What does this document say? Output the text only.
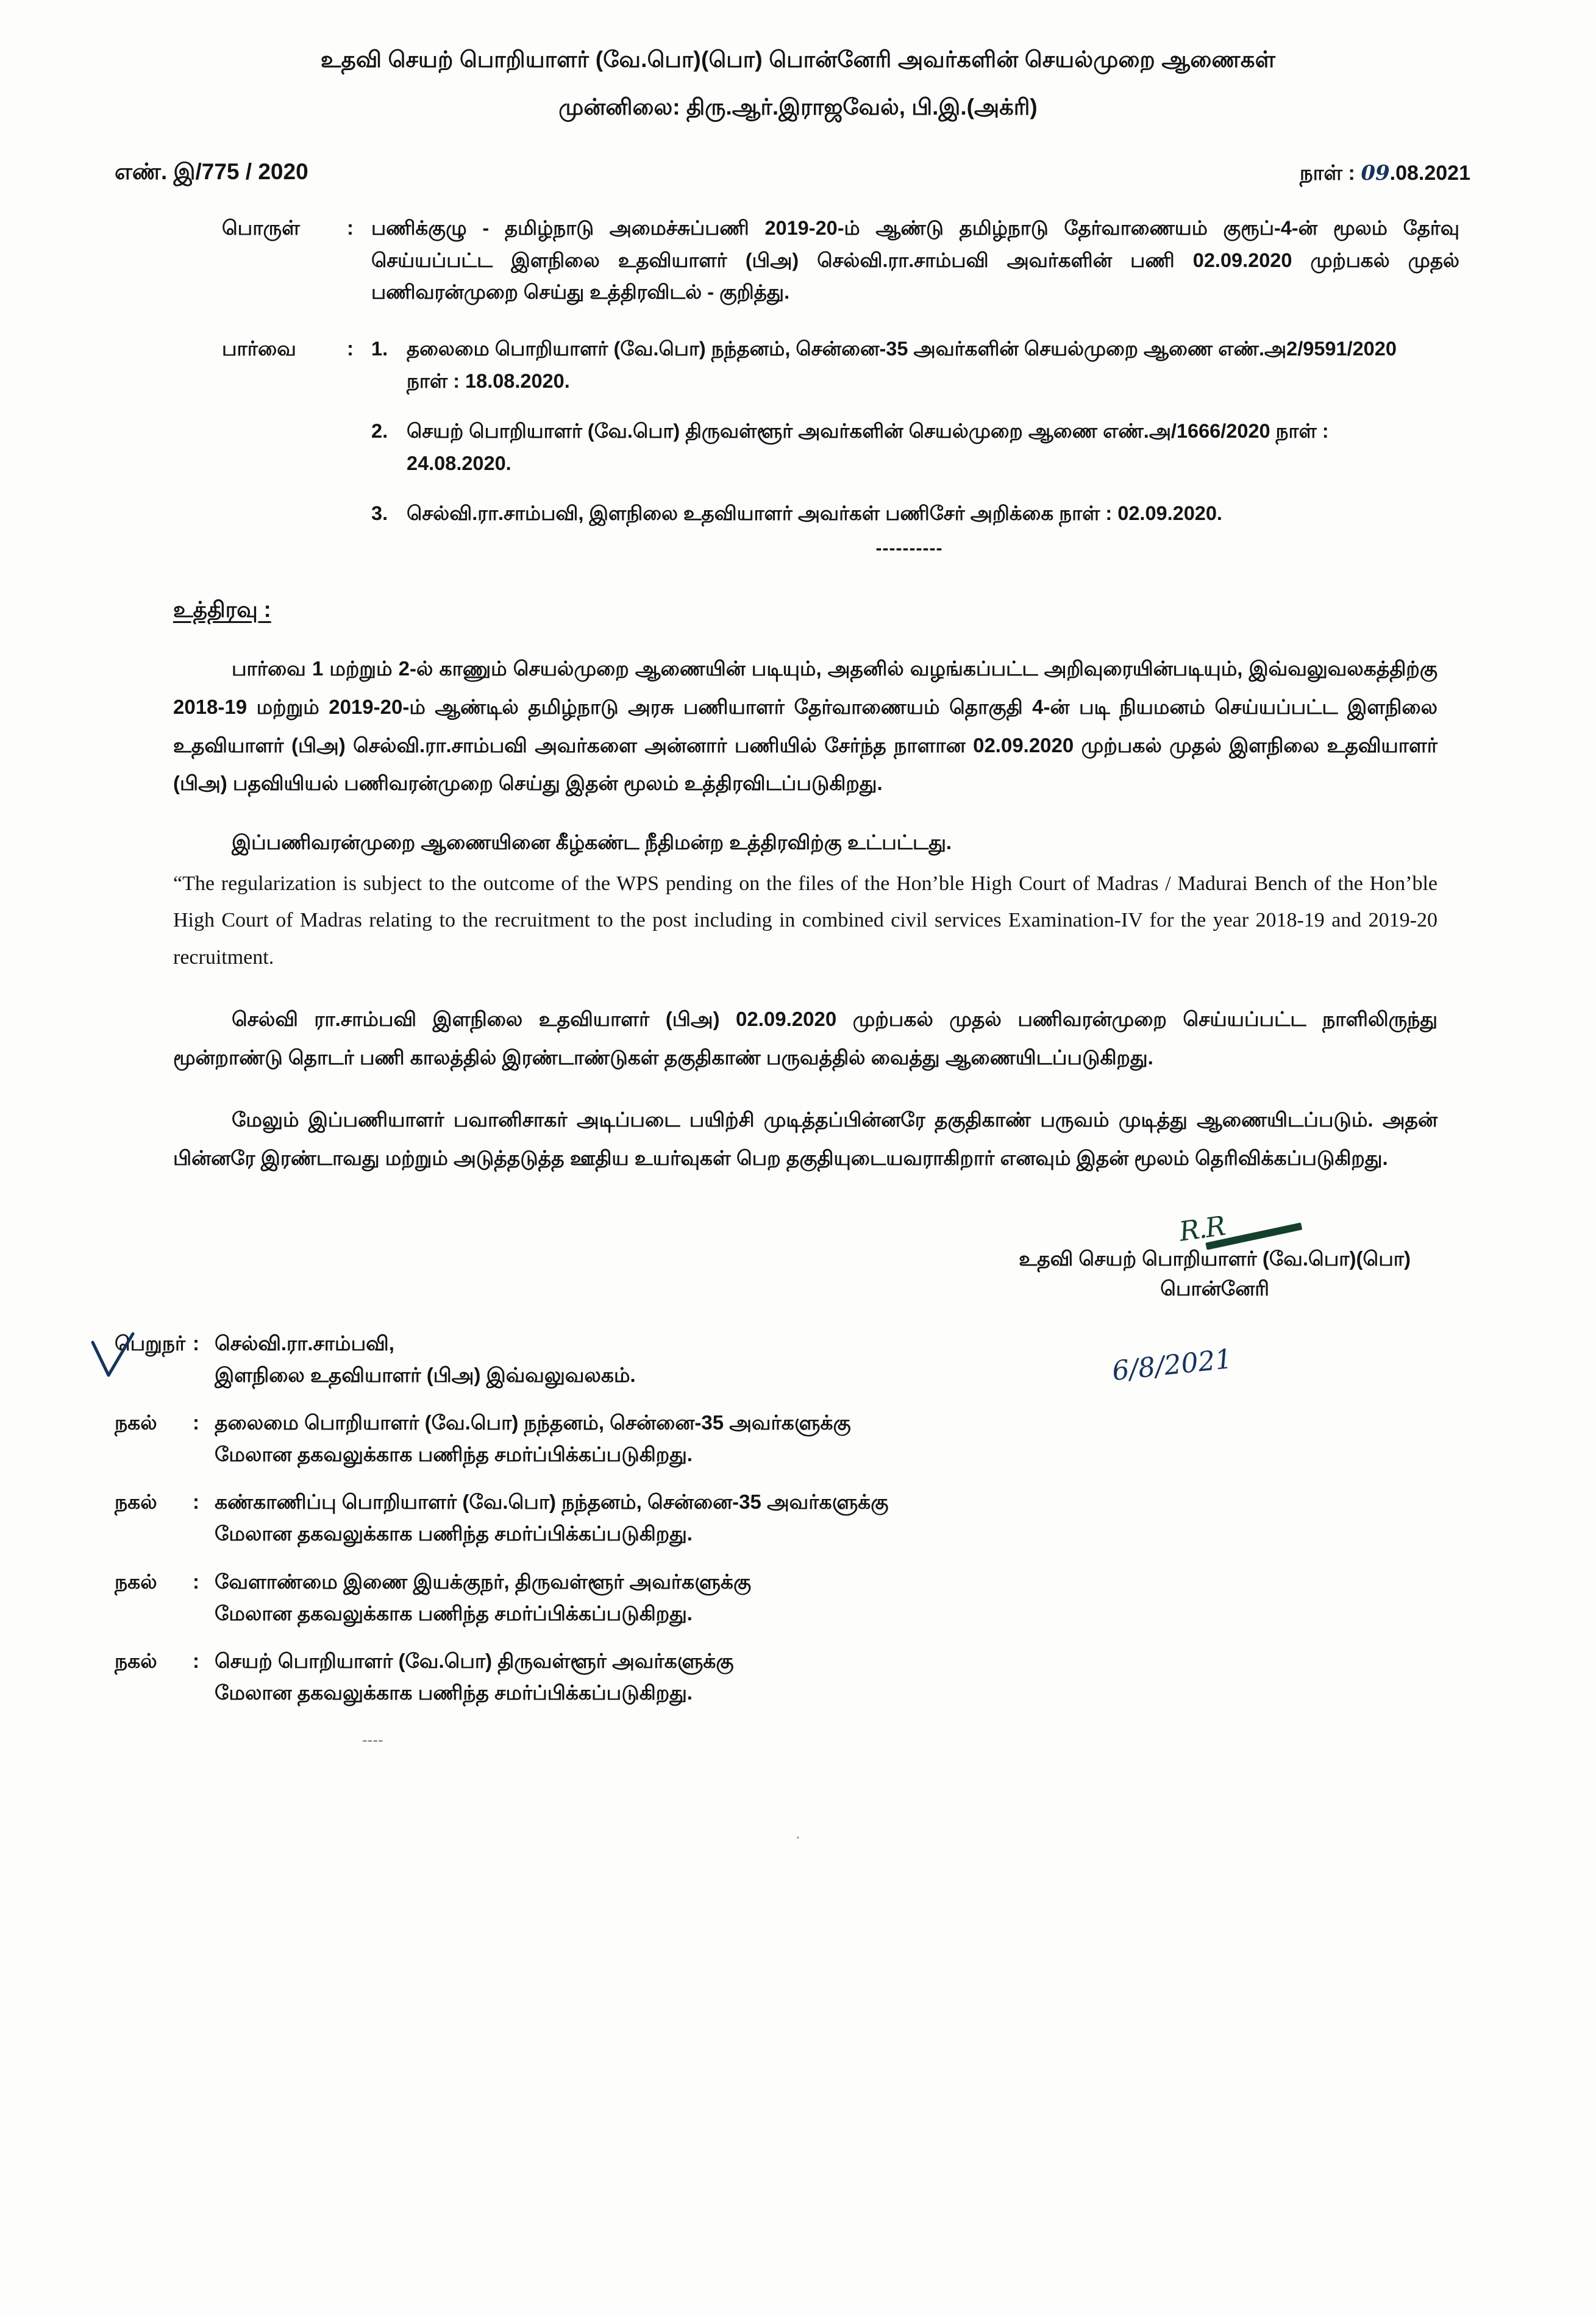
உதவி செயற் பொறியாளர் (வே.பொ)(பொ) பொன்னேரி அவர்களின் செயல்முறை ஆணைகள்
முன்னிலை: திரு.ஆர்.இராஜவேல், பி.இ.(அக்ரி)
எண். இ/775 / 2020	நாள் : 09.08.2021
பொருள்	: பணிக்குழு - தமிழ்நாடு அமைச்சுப்பணி 2019-20-ம் ஆண்டு தமிழ்நாடு தேர்வாணையம் குரூப்-4-ன் மூலம் தேர்வு செய்யப்பட்ட இளநிலை உதவியாளர் (பிஅ) செல்வி.ரா.சாம்பவி அவர்களின் பணி 02.09.2020 முற்பகல் முதல் பணிவரன்முறை செய்து உத்திரவிடல் - குறித்து.
பார்வை	: 1. தலைமை பொறியாளர் (வே.பொ) நந்தனம், சென்னை-35 அவர்களின் செயல்முறை ஆணை எண்.அ2/9591/2020 நாள் : 18.08.2020.
2. செயற் பொறியாளர் (வே.பொ) திருவள்ளூர் அவர்களின் செயல்முறை ஆணை எண்.அ/1666/2020 நாள் : 24.08.2020.
3. செல்வி.ரா.சாம்பவி, இளநிலை உதவியாளர் அவர்கள் பணிசேர் அறிக்கை நாள் : 02.09.2020.
----------
உத்திரவு :
பார்வை 1 மற்றும் 2-ல் காணும் செயல்முறை ஆணையின் படியும், அதனில் வழங்கப்பட்ட அறிவுரையின்படியும், இவ்வலுவலகத்திற்கு 2018-19 மற்றும் 2019-20-ம் ஆண்டில் தமிழ்நாடு அரசு பணியாளர் தேர்வாணையம் தொகுதி 4-ன் படி நியமனம் செய்யப்பட்ட இளநிலை உதவியாளர் (பிஅ) செல்வி.ரா.சாம்பவி அவர்களை அன்னார் பணியில் சேர்ந்த நாளான 02.09.2020 முற்பகல் முதல் இளநிலை உதவியாளர் (பிஅ) பதவியியல் பணிவரன்முறை செய்து இதன் மூலம் உத்திரவிடப்படுகிறது.
இப்பணிவரன்முறை ஆணையினை கீழ்கண்ட நீதிமன்ற உத்திரவிற்கு உட்பட்டது.
“The regularization is subject to the outcome of the WPS pending on the files of the Hon’ble High Court of Madras / Madurai Bench of the Hon’ble High Court of Madras relating to the recruitment to the post including in combined civil services Examination-IV for the year 2018-19 and 2019-20 recruitment.
செல்வி ரா.சாம்பவி இளநிலை உதவியாளர் (பிஅ) 02.09.2020 முற்பகல் முதல் பணிவரன்முறை செய்யப்பட்ட நாளிலிருந்து மூன்றாண்டு தொடர் பணி காலத்தில் இரண்டாண்டுகள் தகுதிகாண் பருவத்தில் வைத்து ஆணையிடப்படுகிறது.
மேலும் இப்பணியாளர் பவானிசாகர் அடிப்படை பயிற்சி முடித்தப்பின்னரே தகுதிகாண் பருவம் முடித்து ஆணையிடப்படும். அதன் பின்னரே இரண்டாவது மற்றும் அடுத்தடுத்த ஊதிய உயர்வுகள் பெற தகுதியுடையவராகிறார் எனவும் இதன் மூலம் தெரிவிக்கப்படுகிறது.
R.R
உதவி செயற் பொறியாளர் (வே.பொ)(பொ)
பொன்னேரி
6/8/2021
பெறுநர் : செல்வி.ரா.சாம்பவி,
இளநிலை உதவியாளர் (பிஅ) இவ்வலுவலகம்.
நகல்	: தலைமை பொறியாளர் (வே.பொ) நந்தனம், சென்னை-35 அவர்களுக்கு
மேலான தகவலுக்காக பணிந்த சமர்ப்பிக்கப்படுகிறது.
நகல்	: கண்காணிப்பு பொறியாளர் (வே.பொ) நந்தனம், சென்னை-35 அவர்களுக்கு
மேலான தகவலுக்காக பணிந்த சமர்ப்பிக்கப்படுகிறது.
நகல்	: வேளாண்மை இணை இயக்குநர், திருவள்ளூர் அவர்களுக்கு
மேலான தகவலுக்காக பணிந்த சமர்ப்பிக்கப்படுகிறது.
நகல்	: செயற் பொறியாளர் (வே.பொ) திருவள்ளூர் அவர்களுக்கு
மேலான தகவலுக்காக பணிந்த சமர்ப்பிக்கப்படுகிறது.
----
.
